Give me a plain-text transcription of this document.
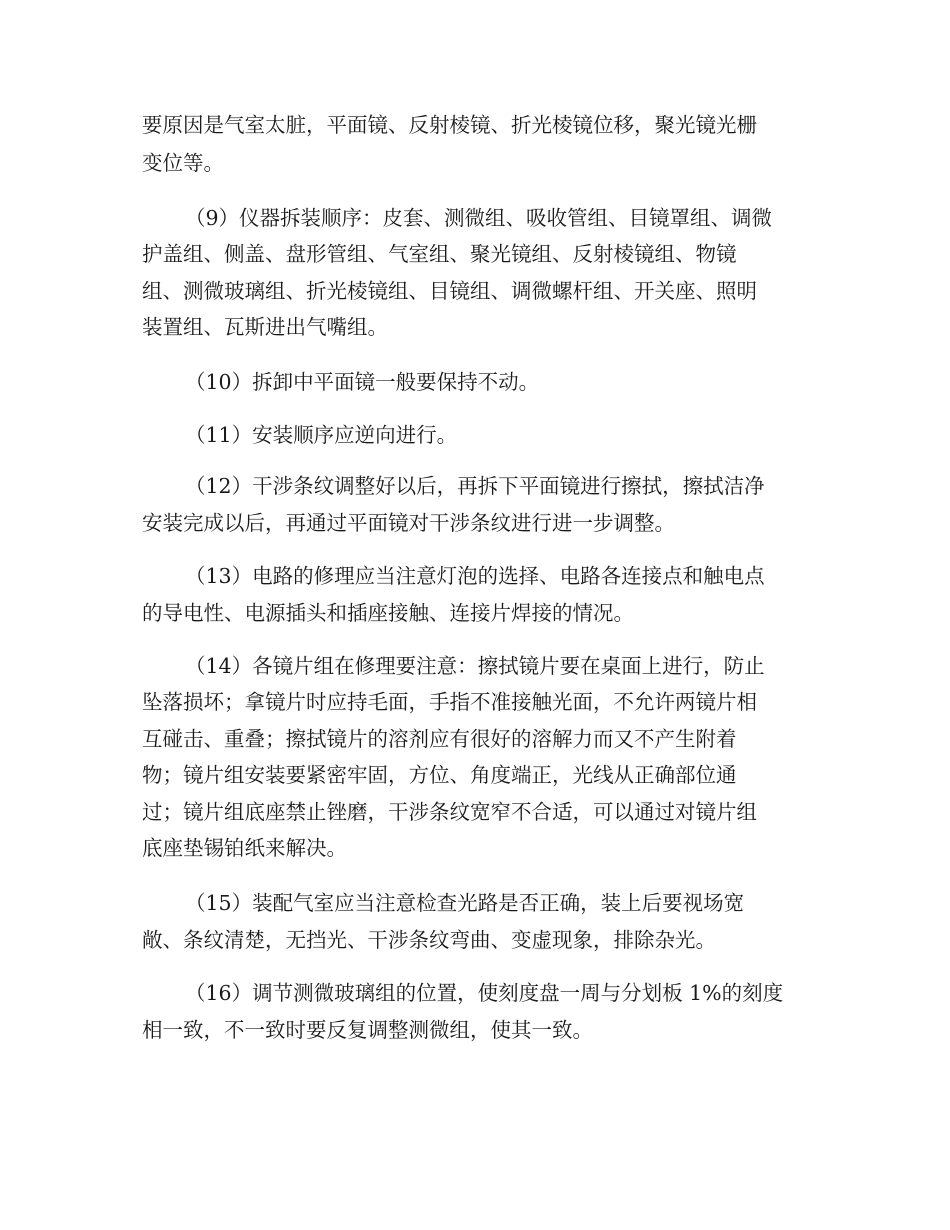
要原因是气室太脏，平面镜、反射棱镜、折光棱镜位移，聚光镜光栅
变位等。
（9）仪器拆装顺序：皮套、测微组、吸收管组、目镜罩组、调微
护盖组、侧盖、盘形管组、气室组、聚光镜组、反射棱镜组、物镜
组、测微玻璃组、折光棱镜组、目镜组、调微螺杆组、开关座、照明
装置组、瓦斯进出气嘴组。
（10）拆卸中平面镜一般要保持不动。
（11）安装顺序应逆向进行。
（12）干涉条纹调整好以后，再拆下平面镜进行擦拭，擦拭洁净
安装完成以后，再通过平面镜对干涉条纹进行进一步调整。
（13）电路的修理应当注意灯泡的选择、电路各连接点和触电点
的导电性、电源插头和插座接触、连接片焊接的情况。
（14）各镜片组在修理要注意：擦拭镜片要在桌面上进行，防止
坠落损坏；拿镜片时应持毛面，手指不准接触光面，不允许两镜片相
互碰击、重叠；擦拭镜片的溶剂应有很好的溶解力而又不产生附着
物；镜片组安装要紧密牢固，方位、角度端正，光线从正确部位通
过；镜片组底座禁止锉磨，干涉条纹宽窄不合适，可以通过对镜片组
底座垫锡铂纸来解决。
（15）装配气室应当注意检查光路是否正确，装上后要视场宽
敞、条纹清楚，无挡光、干涉条纹弯曲、变虚现象，排除杂光。
（16）调节测微玻璃组的位置，使刻度盘一周与分划板 1%的刻度
相一致，不一致时要反复调整测微组，使其一致。
